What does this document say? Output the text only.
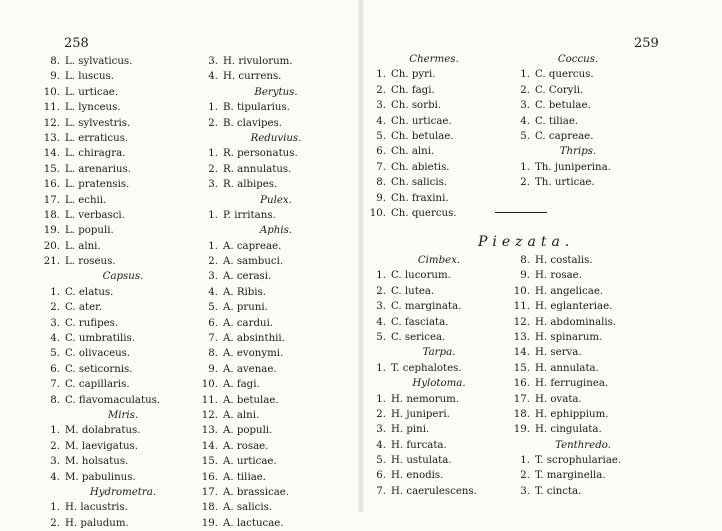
258	259
8. L. sylvaticus.
9. L. luscus.
10. L. urticae.
11. L. lynceus.
12. L. sylvestris.
13. L. erraticus.
14. L. chiragra.
15. L. arenarius.
16. L. pratensis.
17. L. echii.
18. L. verbasci.
19. L. populi.
20. L. alni.
21. L. roseus.
Capsus.
1. C. elatus.
2. C. ater.
3. C. rufipes.
4. C. umbratilis.
5. C. olivaceus.
6. C. seticornis.
7. C. capillaris.
8. C. flavomaculatus.
Miris.
1. M. dolabratus.
2. M. laevigatus.
3. M. holsatus.
4. M. pabulinus.
Hydrometra.
1. H. lacustris.
2. H. paludum.
3. H. rivulorum.
4. H. currens.
Berytus.
1. B. tipularius.
2. B. clavipes.
Reduvius.
1. R. personatus.
2. R. annulatus.
3. R. albipes.
Pulex.
1. P. irritans.
Aphis.
1. A. capreae.
2. A. sambuci.
3. A. cerasi.
4. A. Ribis.
5. A. pruni.
6. A. cardui.
7. A. absinthii.
8. A. evonymi.
9. A. avenae.
10. A. fagi.
11. A. betulae.
12. A. alni.
13. A. populi.
14. A. rosae.
15. A. urticae.
16. A. tiliae.
17. A. brassicae.
18. A. salicis.
19. A. lactucae.
Chermes.
1. Ch. pyri.
2. Ch. fagi.
3. Ch. sorbi.
4. Ch. urticae.
5. Ch. betulae.
6. Ch. alni.
7. Ch. abietis.
8. Ch. salicis.
9. Ch. fraxini.
10. Ch. quercus.
Coccus.
1. C. quercus.
2. C. Coryli.
3. C. betulae.
4. C. tiliae.
5. C. capreae.
Thrips.
1. Th. juniperina.
2. Th. urticae.
Piezata.
Cimbex.
1. C. lucorum.
2. C. lutea.
3. C. marginata.
4. C. fasciata.
5. C. sericea.
Tarpa.
1. T. cephalotes.
Hylotoma.
1. H. nemorum.
2. H. juniperi.
3. H. pini.
4. H. furcata.
5. H. ustulata.
6. H. enodis.
7. H. caerulescens.
8. H. costalis.
9. H. rosae.
10. H. angelicae.
11. H. eglanteriae.
12. H. abdominalis.
13. H. spinarum.
14. H. serva.
15. H. annulata.
16. H. ferruginea.
17. H. ovata.
18. H. ephippium.
19. H. cingulata.
Tenthredo.
1. T. scrophulariae.
2. T. marginella.
3. T. cincta.
